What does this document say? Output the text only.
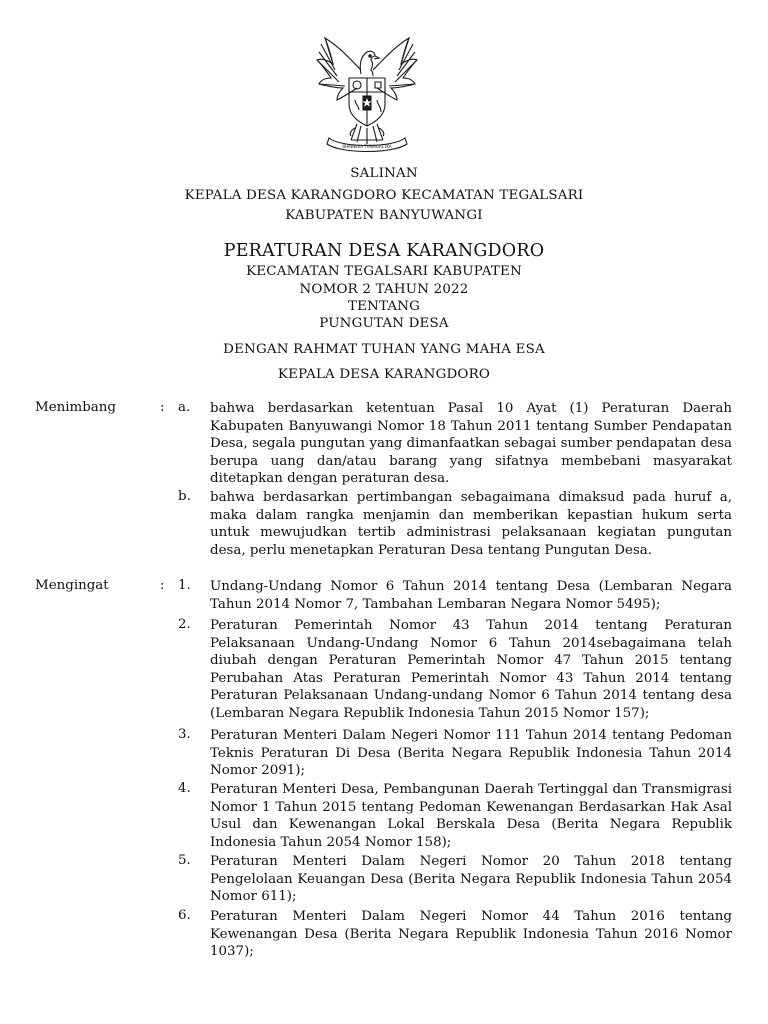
BHINNEKA TUNGGAL IKA
SALINAN
KEPALA DESA KARANGDORO KECAMATAN TEGALSARI
KABUPATEN BANYUWANGI
PERATURAN DESA KARANGDORO
KECAMATAN TEGALSARI KABUPATEN
NOMOR 2 TAHUN 2022
TENTANG
PUNGUTAN DESA
DENGAN RAHMAT TUHAN YANG MAHA ESA
KEPALA DESA KARANGDORO
Menimbang	: a.	bahwa berdasarkan ketentuan Pasal 10 Ayat (1) Peraturan Daerah Kabupaten Banyuwangi Nomor 18 Tahun 2011 tentang Sumber Pendapatan Desa, segala pungutan yang dimanfaatkan sebagai sumber pendapatan desa berupa uang dan/atau barang yang sifatnya membebani masyarakat ditetapkan dengan peraturan desa.
b.	bahwa berdasarkan pertimbangan sebagaimana dimaksud pada huruf a, maka dalam rangka menjamin dan memberikan kepastian hukum serta untuk mewujudkan tertib administrasi pelaksanaan kegiatan pungutan desa, perlu menetapkan Peraturan Desa tentang Pungutan Desa.
Mengingat	: 1.	Undang-Undang Nomor 6 Tahun 2014 tentang Desa (Lembaran Negara Tahun 2014 Nomor 7, Tambahan Lembaran Negara Nomor 5495);
2.	Peraturan Pemerintah Nomor 43 Tahun 2014 tentang Peraturan Pelaksanaan Undang-Undang Nomor 6 Tahun 2014sebagaimana telah diubah dengan Peraturan Pemerintah Nomor 47 Tahun 2015 tentang Perubahan Atas Peraturan Pemerintah Nomor 43 Tahun 2014 tentang Peraturan Pelaksanaan Undang-undang Nomor 6 Tahun 2014 tentang desa (Lembaran Negara Republik Indonesia Tahun 2015 Nomor 157);
3.	Peraturan Menteri Dalam Negeri Nomor 111 Tahun 2014 tentang Pedoman Teknis Peraturan Di Desa (Berita Negara Republik Indonesia Tahun 2014 Nomor 2091);
4.	Peraturan Menteri Desa, Pembangunan Daerah Tertinggal dan Transmigrasi Nomor 1 Tahun 2015 tentang Pedoman Kewenangan Berdasarkan Hak Asal Usul dan Kewenangan Lokal Berskala Desa (Berita Negara Republik Indonesia Tahun 2054 Nomor 158);
5.	Peraturan Menteri Dalam Negeri Nomor 20 Tahun 2018 tentang Pengelolaan Keuangan Desa (Berita Negara Republik Indonesia Tahun 2054 Nomor 611);
6.	Peraturan Menteri Dalam Negeri Nomor 44 Tahun 2016 tentang Kewenangan Desa (Berita Negara Republik Indonesia Tahun 2016 Nomor 1037);
